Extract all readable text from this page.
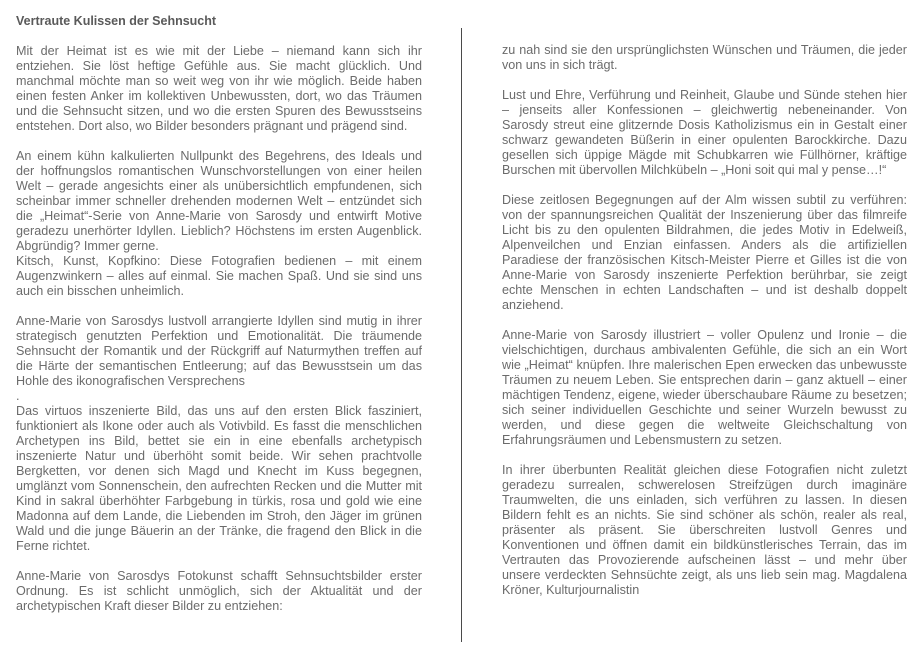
Vertraute Kulissen der Sehnsucht

Mit der Heimat ist es wie mit der Liebe – niemand kann sich ihr entziehen. Sie löst heftige Gefühle aus. Sie macht glücklich. Und manchmal möchte man so weit weg von ihr wie möglich. Beide haben einen festen Anker im kollektiven Unbewussten, dort, wo das Träumen und die Sehnsucht sitzen, und wo die ersten Spuren des Bewusstseins entstehen. Dort also, wo Bilder besonders prägnant und prägend sind.

An einem kühn kalkulierten Nullpunkt des Begehrens, des Ideals und der hoffnungslos romantischen Wunschvorstellungen von einer heilen Welt – gerade angesichts einer als unübersichtlich empfundenen, sich scheinbar immer schneller drehenden modernen Welt – entzündet sich die „Heimat“-Serie von Anne-Marie von Sarosdy und entwirft Motive geradezu unerhörter Idyllen. Lieblich? Höchstens im ersten Augenblick. Abgründig? Immer gerne.

Kitsch, Kunst, Kopfkino: Diese Fotografien bedienen – mit einem Augenzwinkern – alles auf einmal. Sie machen Spaß. Und sie sind uns auch ein bisschen unheimlich.

Anne-Marie von Sarosdys lustvoll arrangierte Idyllen sind mutig in ihrer strategisch genutzten Perfektion und Emotionalität. Die träumende Sehnsucht der Romantik und der Rückgriff auf Naturmythen treffen auf die Härte der semantischen Entleerung; auf das Bewusstsein um das Hohle des ikonografischen Versprechens

.

Das virtuos inszenierte Bild, das uns auf den ersten Blick fasziniert, funktioniert als Ikone oder auch als Votivbild. Es fasst die menschlichen Archetypen ins Bild, bettet sie ein in eine ebenfalls archetypisch inszenierte Natur und überhöht somit beide. Wir sehen prachtvolle Bergketten, vor denen sich Magd und Knecht im Kuss begegnen, umglänzt vom Sonnenschein, den aufrechten Recken und die Mutter mit Kind in sakral überhöhter Farbgebung in türkis, rosa und gold wie eine Madonna auf dem Lande, die Liebenden im Stroh, den Jäger im grünen Wald und die junge Bäuerin an der Tränke, die fragend den Blick in die Ferne richtet.

Anne-Marie von Sarosdys Fotokunst schafft Sehnsuchtsbilder erster Ordnung. Es ist schlicht unmöglich, sich der Aktualität und der archetypischen Kraft dieser Bilder zu entziehen:

zu nah sind sie den ursprünglichsten Wünschen und Träumen, die jeder von uns in sich trägt.

Lust und Ehre, Verführung und Reinheit, Glaube und Sünde stehen hier – jenseits aller Konfessionen – gleichwertig nebeneinander. Von Sarosdy streut eine glitzernde Dosis Katholizismus ein in Gestalt einer schwarz gewandeten Büßerin in einer opulenten Barockkirche. Dazu gesellen sich üppige Mägde mit Schubkarren wie Füllhörner, kräftige Burschen mit übervollen Milchkübeln – „Honi soit qui mal y pense…!“

Diese zeitlosen Begegnungen auf der Alm wissen subtil zu verführen: von der spannungsreichen Qualität der Inszenierung über das filmreife Licht bis zu den opulenten Bildrahmen, die jedes Motiv in Edelweiß, Alpenveilchen und Enzian einfassen. Anders als die artifiziellen Paradiese der französischen Kitsch-Meister Pierre et Gilles ist die von Anne-Marie von Sarosdy inszenierte Perfektion berührbar, sie zeigt echte Menschen in echten Landschaften – und ist deshalb doppelt anziehend.

Anne-Marie von Sarosdy illustriert – voller Opulenz und Ironie – die vielschichtigen, durchaus ambivalenten Gefühle, die sich an ein Wort wie „Heimat“ knüpfen. Ihre malerischen Epen erwecken das unbewusste Träumen zu neuem Leben. Sie entsprechen darin – ganz aktuell – einer mächtigen Tendenz, eigene, wieder überschaubare Räume zu besetzen; sich seiner individuellen Geschichte und seiner Wurzeln bewusst zu werden, und diese gegen die weltweite Gleichschaltung von Erfahrungsräumen und Lebensmustern zu setzen.

In ihrer überbunten Realität gleichen diese Fotografien nicht zuletzt geradezu surrealen, schwerelosen Streifzügen durch imaginäre Traumwelten, die uns einladen, sich verführen zu lassen. In diesen Bildern fehlt es an nichts. Sie sind schöner als schön, realer als real, präsenter als präsent. Sie überschreiten lustvoll Genres und Konventionen und öffnen damit ein bildkünstlerisches Terrain, das im Vertrauten das Provozierende aufscheinen lässt – und mehr über unsere verdeckten Sehnsüchte zeigt, als uns lieb sein mag. Magdalena Kröner, Kulturjournalistin
